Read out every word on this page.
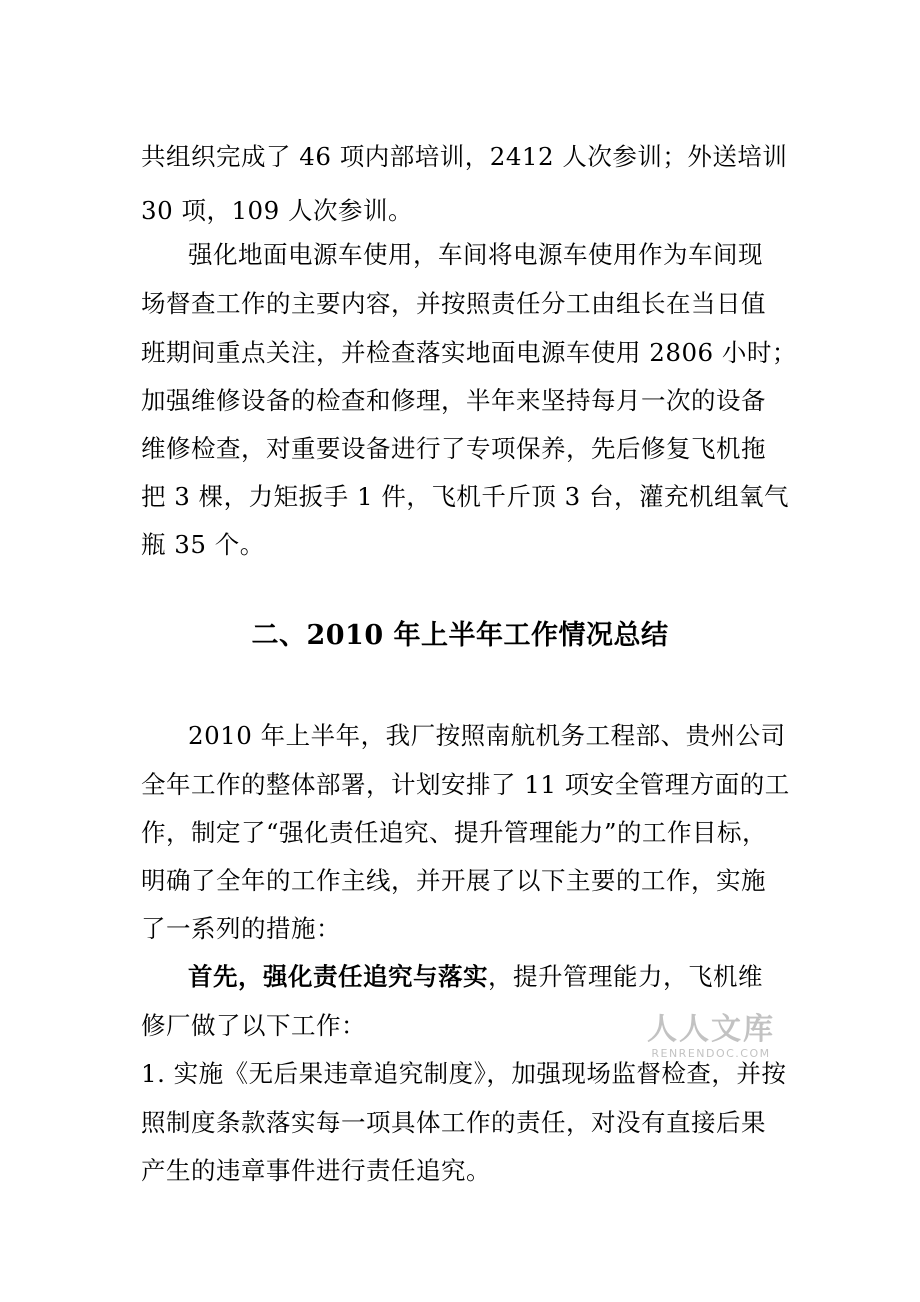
共组织完成了 46 项内部培训，2412 人次参训；外送培训
30 项，109 人次参训。
强化地面电源车使用，车间将电源车使用作为车间现
场督查工作的主要内容，并按照责任分工由组长在当日值
班期间重点关注，并检查落实地面电源车使用 2806 小时；
加强维修设备的检查和修理，半年来坚持每月一次的设备
维修检查，对重要设备进行了专项保养，先后修复飞机拖
把 3 棵，力矩扳手 1 件，飞机千斤顶 3 台，灌充机组氧气
瓶 35 个。
二、2010 年上半年工作情况总结
2010 年上半年，我厂按照南航机务工程部、贵州公司
全年工作的整体部署，计划安排了 11 项安全管理方面的工
作，制定了“强化责任追究、提升管理能力”的工作目标，
明确了全年的工作主线，并开展了以下主要的工作，实施
了一系列的措施：
首先，强化责任追究与落实，提升管理能力，飞机维
修厂做了以下工作：
1. 实施《无后果违章追究制度》，加强现场监督检查，并按
照制度条款落实每一项具体工作的责任，对没有直接后果
产生的违章事件进行责任追究。
人人文库
RENRENDOC.COM
